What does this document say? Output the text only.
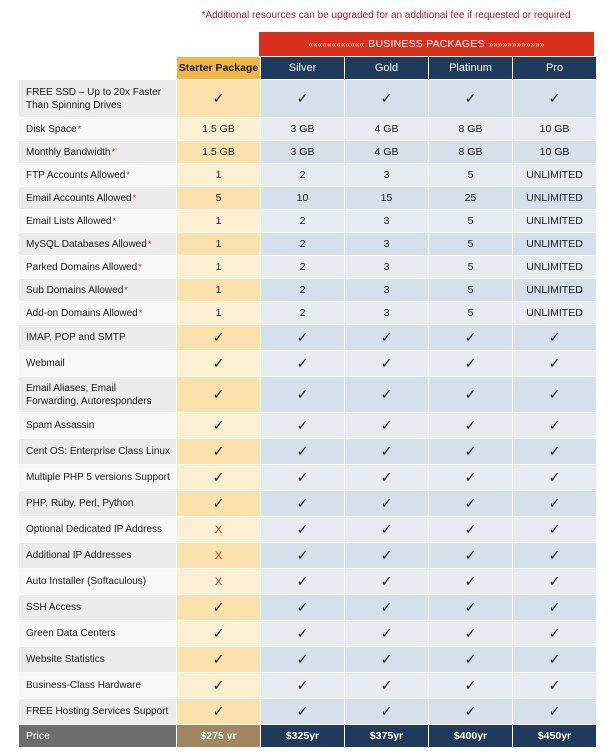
*Additional resources can be upgraded for an additional fee if requested or required
«««««««««««« BUSINESS PACKAGES »»»»»»»»»»»»
	Starter Package	Silver	Gold	Platinum	Pro
FREE SSD – Up to 20x Faster Than Spinning Drives	✓	✓	✓	✓	✓
Disk Space*	1.5 GB	3 GB	4 GB	8 GB	10 GB
Monthly Bandwidth*	1.5 GB	3 GB	4 GB	8 GB	10 GB
FTP Accounts Allowed*	1	2	3	5	UNLIMITED
Email Accounts Allowed*	5	10	15	25	UNLIMITED
Email Lists Allowed*	1	2	3	5	UNLIMITED
MySQL Databases Allowed*	1	2	3	5	UNLIMITED
Parked Domains Allowed*	1	2	3	5	UNLIMITED
Sub Domains Allowed*	1	2	3	5	UNLIMITED
Add-on Domains Allowed*	1	2	3	5	UNLIMITED
IMAP, POP and SMTP	✓	✓	✓	✓	✓
Webmail	✓	✓	✓	✓	✓
Email Aliases, Email Forwarding, Autoresponders	✓	✓	✓	✓	✓
Spam Assassin	✓	✓	✓	✓	✓
Cent OS: Enterprise Class Linux	✓	✓	✓	✓	✓
Multiple PHP 5 versions Support	✓	✓	✓	✓	✓
PHP, Ruby, Perl, Python	✓	✓	✓	✓	✓
Optional Dedicated IP Address	X	✓	✓	✓	✓
Additional IP Addresses	X	✓	✓	✓	✓
Auto Installer (Softaculous)	X	✓	✓	✓	✓
SSH Access	✓	✓	✓	✓	✓
Green Data Centers	✓	✓	✓	✓	✓
Website Statistics	✓	✓	✓	✓	✓
Business-Class Hardware	✓	✓	✓	✓	✓
FREE Hosting Services Support	✓	✓	✓	✓	✓
Price	$275 yr	$325yr	$375yr	$400yr	$450yr
